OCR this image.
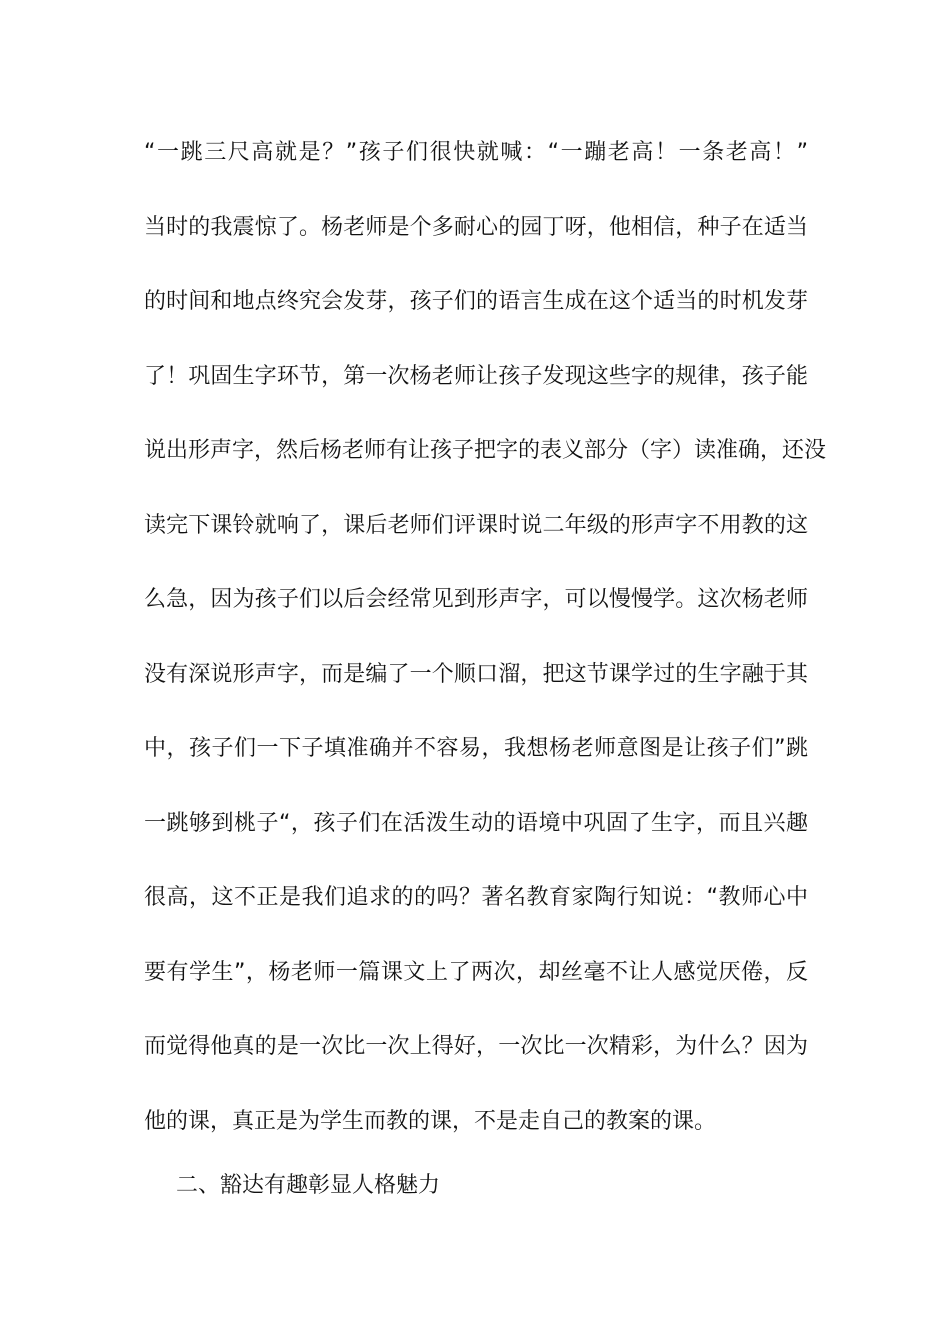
“一跳三尺高就是？”孩子们很快就喊：“一蹦老高！一条老高！”
当时的我震惊了。杨老师是个多耐心的园丁呀，他相信，种子在适当
的时间和地点终究会发芽，孩子们的语言生成在这个适当的时机发芽
了！巩固生字环节，第一次杨老师让孩子发现这些字的规律，孩子能
说出形声字，然后杨老师有让孩子把字的表义部分（字）读准确，还没
读完下课铃就响了，课后老师们评课时说二年级的形声字不用教的这
么急，因为孩子们以后会经常见到形声字，可以慢慢学。这次杨老师
没有深说形声字，而是编了一个顺口溜，把这节课学过的生字融于其
中，孩子们一下子填准确并不容易，我想杨老师意图是让孩子们”跳
一跳够到桃子“，孩子们在活泼生动的语境中巩固了生字，而且兴趣
很高，这不正是我们追求的的吗？著名教育家陶行知说：“教师心中
要有学生”，杨老师一篇课文上了两次，却丝毫不让人感觉厌倦，反
而觉得他真的是一次比一次上得好，一次比一次精彩，为什么？因为
他的课，真正是为学生而教的课，不是走自己的教案的课。

二、豁达有趣彰显人格魅力
